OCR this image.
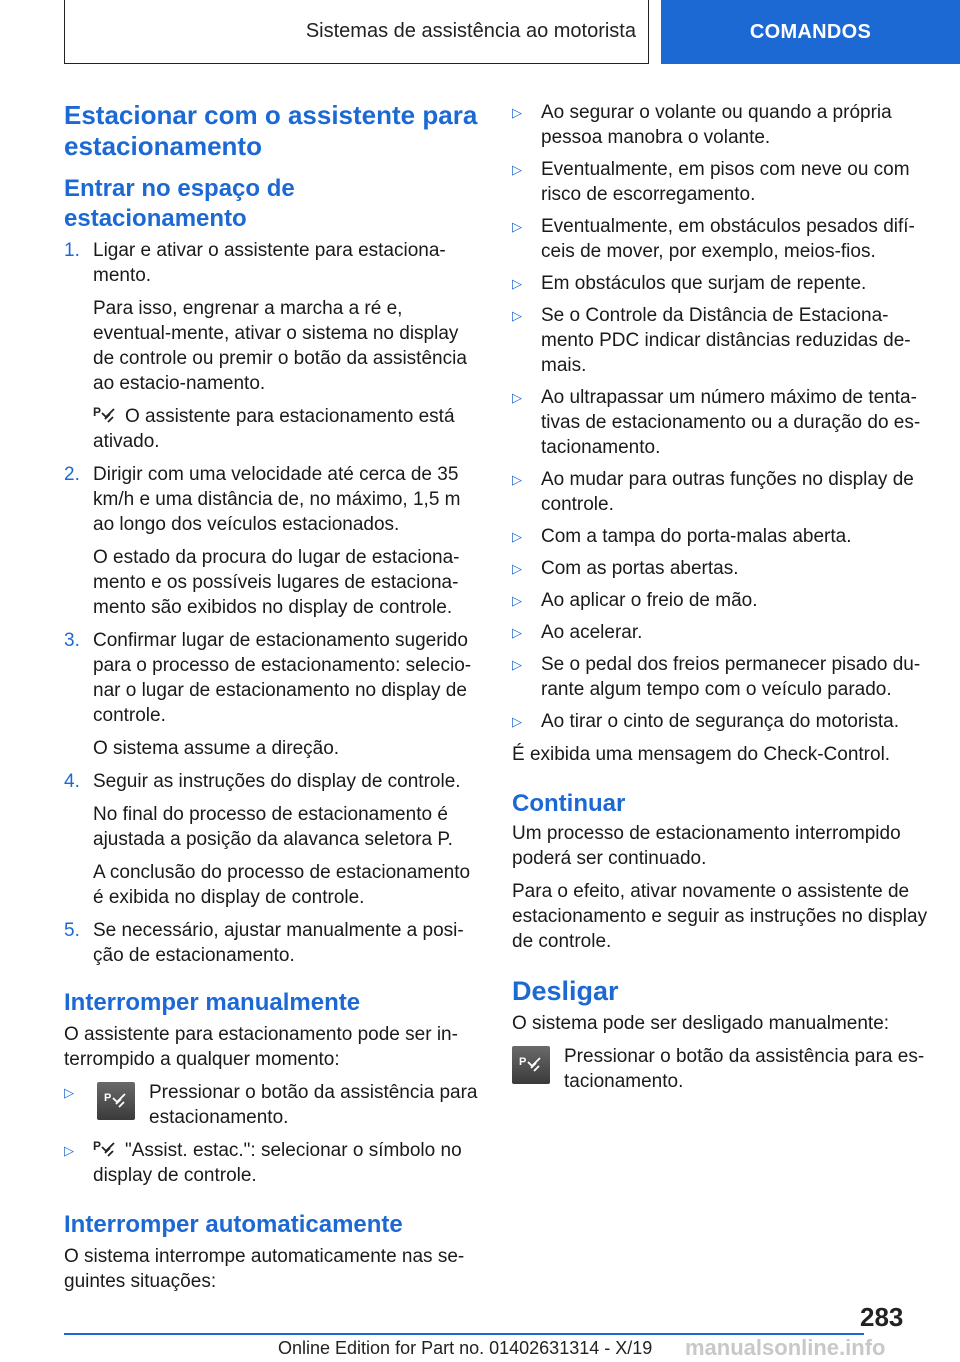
Sistemas de assistência ao motorista	COMANDOS
Estacionar com o assistente para estacionamento
Entrar no espaço de estacionamento
1. Ligar e ativar o assistente para estaciona-mento.

Para isso, engrenar a marcha a ré e, eventual-mente, ativar o sistema no display de controle ou premir o botão da assistência ao estacio-namento.

P O assistente para estacionamento está ativado.

2. Dirigir com uma velocidade até cerca de 35 km/h e uma distância de, no máximo, 1,5 m ao longo dos veículos estacionados.

O estado da procura do lugar de estaciona-mento e os possíveis lugares de estaciona-mento são exibidos no display de controle.

3. Confirmar lugar de estacionamento sugerido para o processo de estacionamento: selecio-nar o lugar de estacionamento no display de controle.

O sistema assume a direção.

4. Seguir as instruções do display de controle.

No final do processo de estacionamento é ajustada a posição da alavanca seletora P.

A conclusão do processo de estacionamento é exibida no display de controle.

5. Se necessário, ajustar manualmente a posi-ção de estacionamento.

Interromper manualmente

O assistente para estacionamento pode ser in-terrompido a qualquer momento:

▷	P Pressionar o botão da assistência para estacionamento.
▷	P "Assist. estac.": selecionar o símbolo no display de controle.
Interromper automaticamente

O sistema interrompe automaticamente nas se-guintes situações:

▷	Ao segurar o volante ou quando a própria pessoa manobra o volante.
▷	Eventualmente, em pisos com neve ou com risco de escorregamento.
▷	Eventualmente, em obstáculos pesados difí-ceis de mover, por exemplo, meios-fios.
▷	Em obstáculos que surjam de repente.
▷	Se o Controle da Distância de Estaciona-mento PDC indicar distâncias reduzidas de-mais.
▷	Ao ultrapassar um número máximo de tenta-tivas de estacionamento ou a duração do es-tacionamento.
▷	Ao mudar para outras funções no display de controle.
▷	Com a tampa do porta-malas aberta.
▷	Com as portas abertas.
▷	Ao aplicar o freio de mão.
▷	Ao acelerar.
▷	Se o pedal dos freios permanecer pisado du-rante algum tempo com o veículo parado.
▷	Ao tirar o cinto de segurança do motorista.

É exibida uma mensagem do Check-Control.

Continuar

Um processo de estacionamento interrompido poderá ser continuado.

Para o efeito, ativar novamente o assistente de estacionamento e seguir as instruções no display de controle.

Desligar

O sistema pode ser desligado manualmente:

P Pressionar o botão da assistência para es-tacionamento.
283
Online Edition for Part no. 01402631314 - X/19 manualsonline.info
